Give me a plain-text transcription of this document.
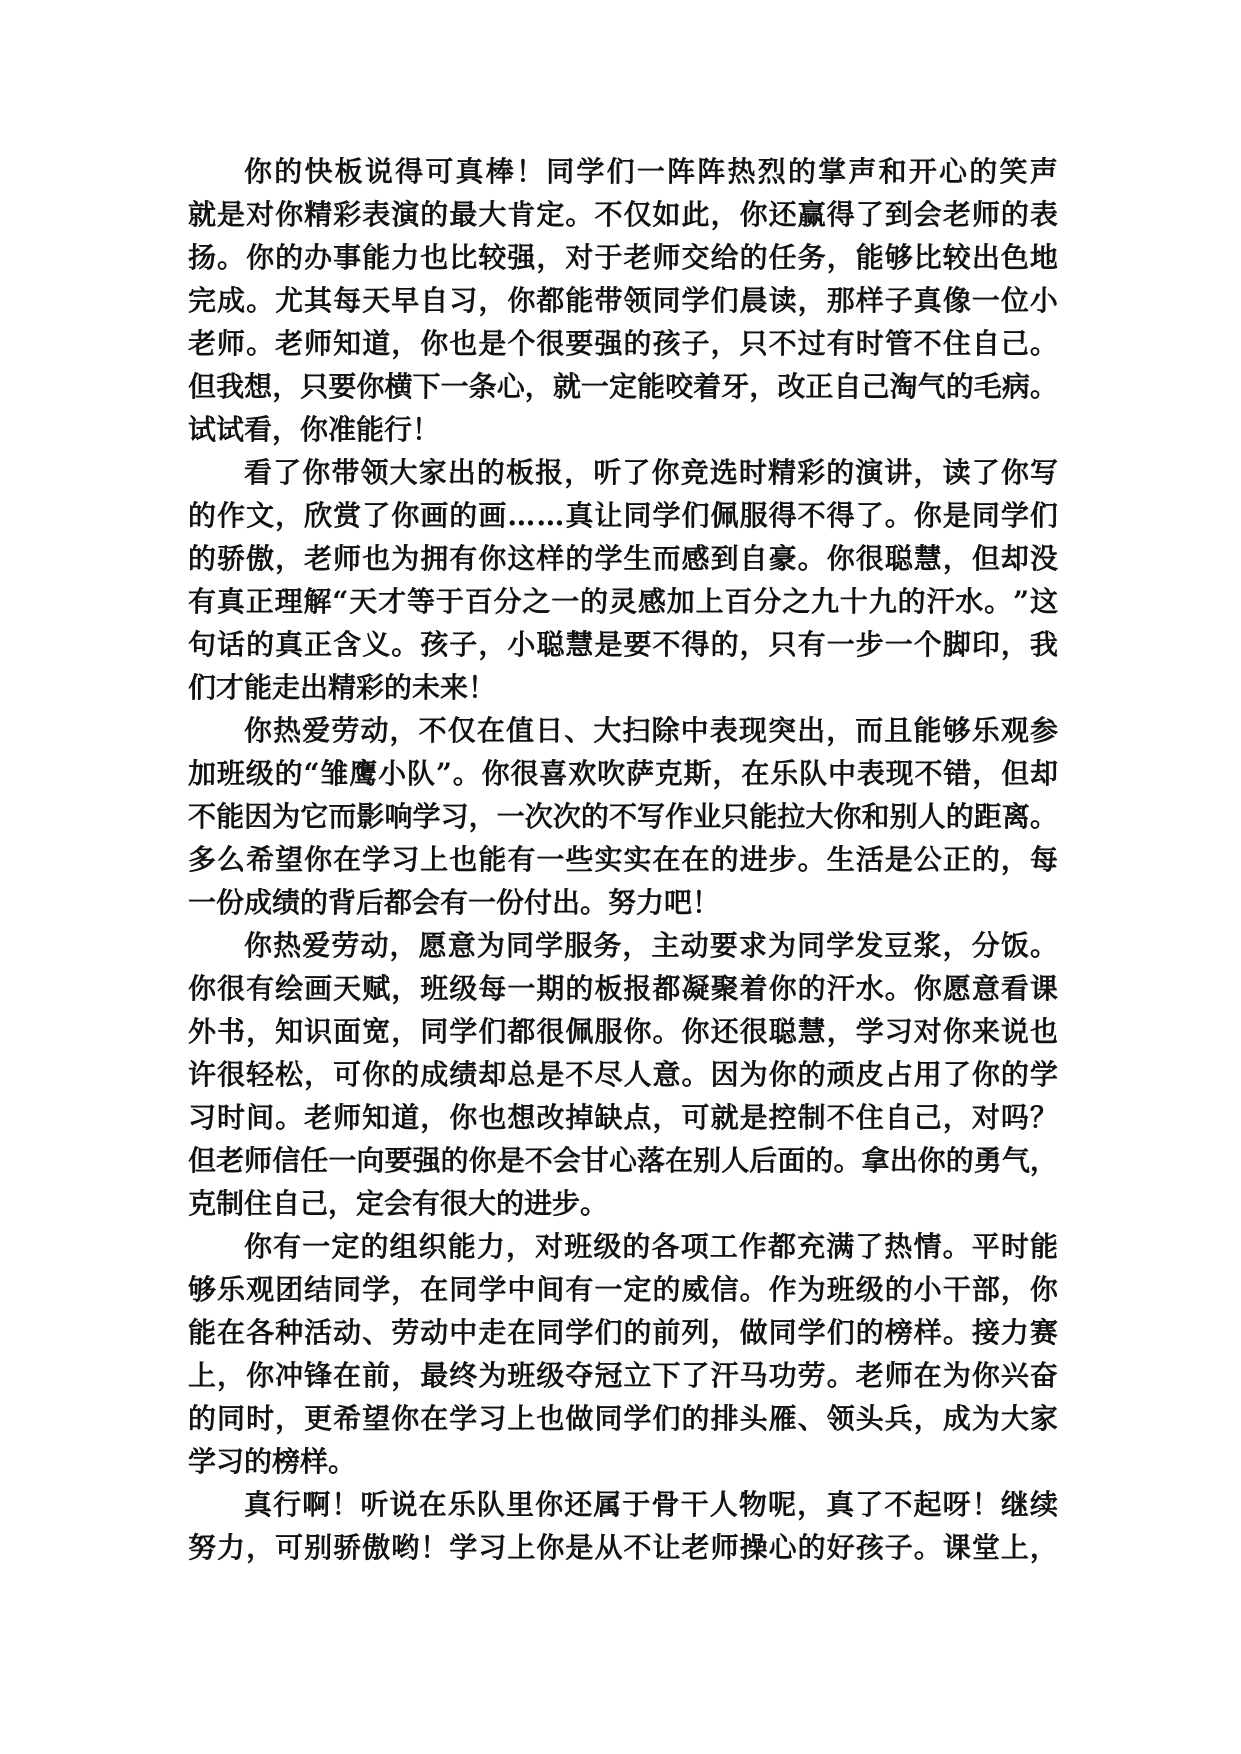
你 的 快 板 说 得 可 真 棒 ！ 同 学 们 一 阵 阵 热 烈 的 掌 声 和 开 心 的 笑 声
就 是 对 你 精 彩 表 演 的 最 大 肯 定 。 不 仅 如 此 ， 你 还 赢 得 了 到 会 老 师 的 表
扬 。 你 的 办 事 能 力 也 比 较 强 ， 对 于 老 师 交 给 的 任 务 ， 能 够 比 较 出 色 地
完 成 。 尤 其 每 天 早 自 习 ， 你 都 能 带 领 同 学 们 晨 读 ， 那 样 子 真 像 一 位 小
老 师 。 老 师 知 道 ， 你 也 是 个 很 要 强 的 孩 子 ， 只 不 过 有 时 管 不 住 自 己 。
但 我 想 ， 只 要 你 横 下 一 条 心 ， 就 一 定 能 咬 着 牙 ， 改 正 自 己 淘 气 的 毛 病 。
试试看，你准能行！
看 了 你 带 领 大 家 出 的 板 报 ， 听 了 你 竞 选 时 精 彩 的 演 讲 ， 读 了 你 写
的 作 文 ， 欣 赏 了 你 画 的 画 … … 真 让 同 学 们 佩 服 得 不 得 了 。 你 是 同 学 们
的 骄 傲 ， 老 师 也 为 拥 有 你 这 样 的 学 生 而 感 到 自 豪 。 你 很 聪 慧 ， 但 却 没
有 真 正 理 解 “ 天 才 等 于 百 分 之 一 的 灵 感 加 上 百 分 之 九 十 九 的 汗 水 。 ” 这
句 话 的 真 正 含 义 。 孩 子 ， 小 聪 慧 是 要 不 得 的 ， 只 有 一 步 一 个 脚 印 ， 我
们才能走出精彩的未来！
你 热 爱 劳 动 ， 不 仅 在 值 日 、 大 扫 除 中 表 现 突 出 ， 而 且 能 够 乐 观 参
加 班 级 的 “ 雏 鹰 小 队 ” 。 你 很 喜 欢 吹 萨 克 斯 ， 在 乐 队 中 表 现 不 错 ， 但 却
不 能 因 为 它 而 影 响 学 习 ， 一 次 次 的 不 写 作 业 只 能 拉 大 你 和 别 人 的 距 离 。
多 么 希 望 你 在 学 习 上 也 能 有 一 些 实 实 在 在 的 进 步 。 生 活 是 公 正 的 ， 每
一份成绩的背后都会有一份付出。努力吧！
你 热 爱 劳 动 ， 愿 意 为 同 学 服 务 ， 主 动 要 求 为 同 学 发 豆 浆 ， 分 饭 。
你 很 有 绘 画 天 赋 ， 班 级 每 一 期 的 板 报 都 凝 聚 着 你 的 汗 水 。 你 愿 意 看 课
外 书 ， 知 识 面 宽 ， 同 学 们 都 很 佩 服 你 。 你 还 很 聪 慧 ， 学 习 对 你 来 说 也
许 很 轻 松 ， 可 你 的 成 绩 却 总 是 不 尽 人 意 。 因 为 你 的 顽 皮 占 用 了 你 的 学
习 时 间 。 老 师 知 道 ， 你 也 想 改 掉 缺 点 ， 可 就 是 控 制 不 住 自 己 ， 对 吗 ？
但 老 师 信 任 一 向 要 强 的 你 是 不 会 甘 心 落 在 别 人 后 面 的 。 拿 出 你 的 勇 气 ，
克制住自己，定会有很大的进步。
你 有 一 定 的 组 织 能 力 ， 对 班 级 的 各 项 工 作 都 充 满 了 热 情 。 平 时 能
够 乐 观 团 结 同 学 ， 在 同 学 中 间 有 一 定 的 威 信 。 作 为 班 级 的 小 干 部 ， 你
能 在 各 种 活 动 、 劳 动 中 走 在 同 学 们 的 前 列 ， 做 同 学 们 的 榜 样 。 接 力 赛
上 ， 你 冲 锋 在 前 ， 最 终 为 班 级 夺 冠 立 下 了 汗 马 功 劳 。 老 师 在 为 你 兴 奋
的 同 时 ， 更 希 望 你 在 学 习 上 也 做 同 学 们 的 排 头 雁 、 领 头 兵 ， 成 为 大 家
学习的榜样。
真 行 啊 ！ 听 说 在 乐 队 里 你 还 属 于 骨 干 人 物 呢 ， 真 了 不 起 呀 ！ 继 续
努 力 ， 可 别 骄 傲 哟 ！ 学 习 上 你 是 从 不 让 老 师 操 心 的 好 孩 子 。 课 堂 上 ，
